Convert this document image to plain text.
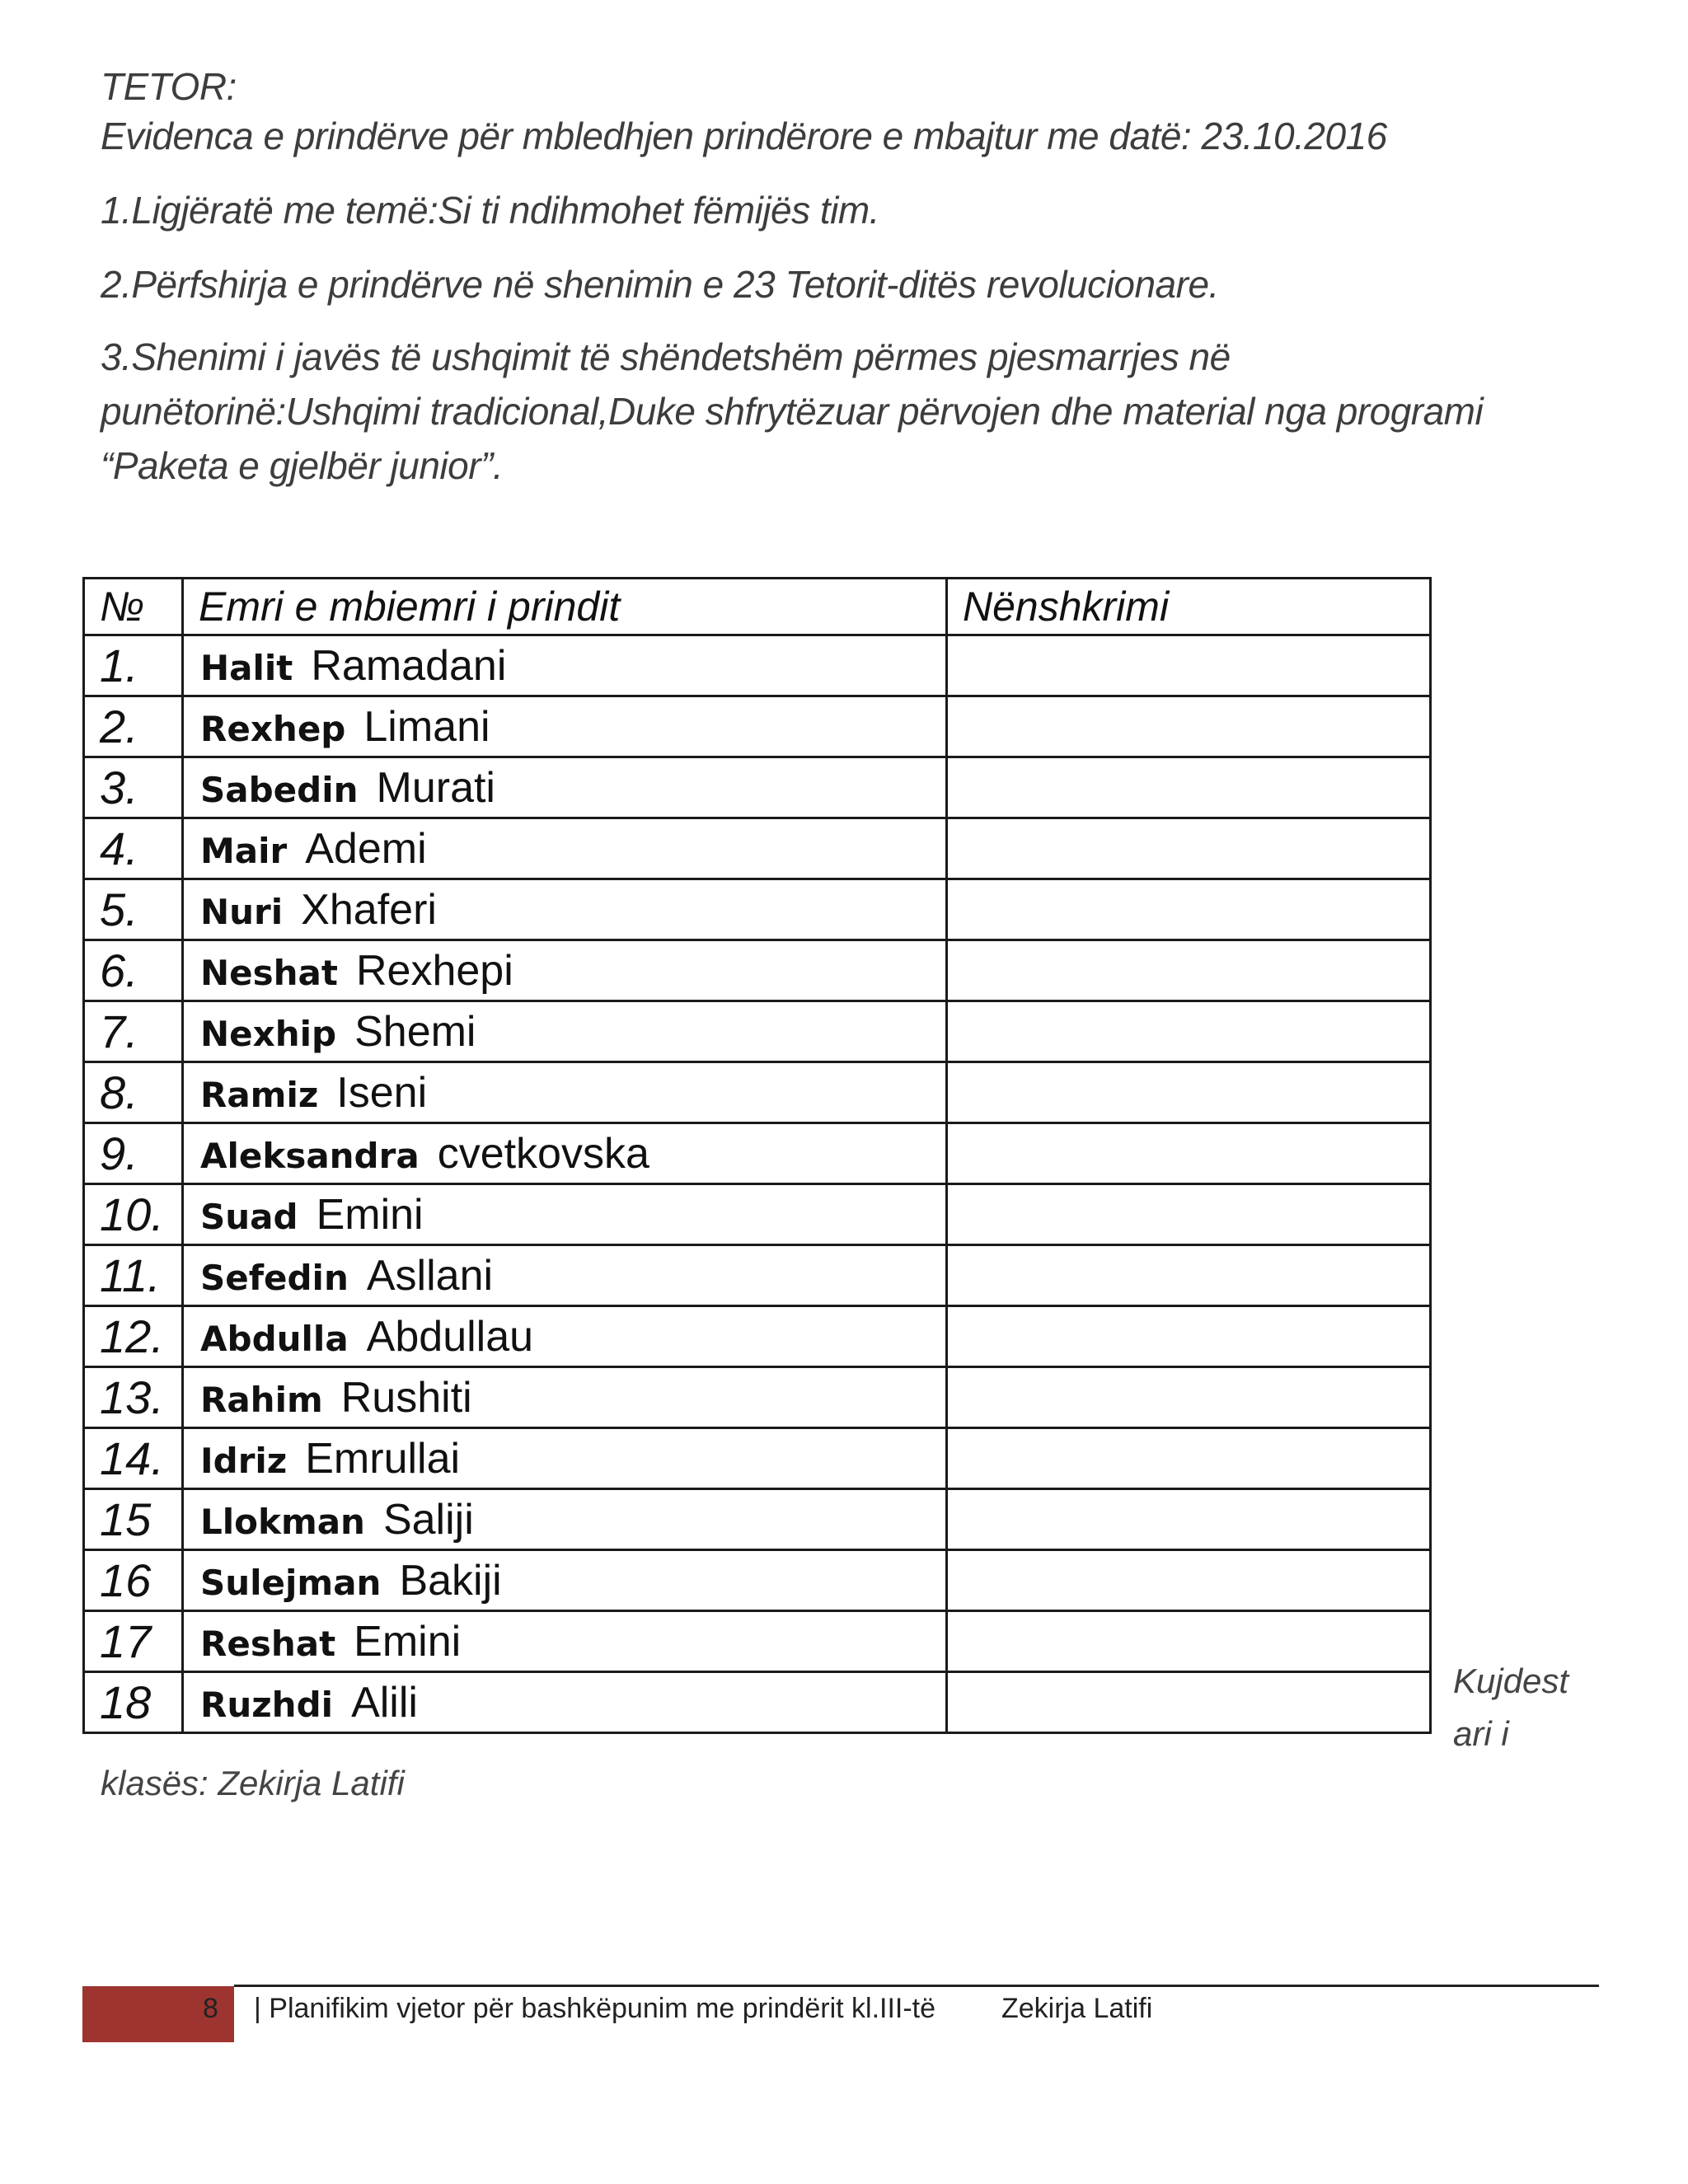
TETOR:

Evidenca e prindërve për mbledhjen prindërore e mbajtur me datë: 23.10.2016

1.Ligjëratë me temë:Si ti ndihmohet fëmijës tim.

2.Përfshirja e prindërve në shenimin e 23 Tetorit-ditës revolucionare.

3.Shenimi i javës të ushqimit të shëndetshëm përmes pjesmarrjes në

punëtorinë:Ushqimi tradicional,Duke shfrytëzuar përvojen dhe material nga programi

“Paketa e gjelbër junior”.

№	Emri e mbiemri i prindit	Nënshkrimi
1.	Halit Ramadani	
2.	Rexhep Limani	
3.	Sabedin Murati	
4.	Mair Ademi	
5.	Nuri Xhaferi	
6.	Neshat Rexhepi	
7.	Nexhip Shemi	
8.	Ramiz Iseni	
9.	Aleksandra cvetkovska	
10.	Suad Emini	
11.	Sefedin Asllani	
12.	Abdulla Abdullau	
13.	Rahim Rushiti	
14.	Idriz Emrullai	
15	Llokman Saliji	
16	Sulejman Bakiji	
17	Reshat Emini	
18	Ruzhdi Alili		Kujdest

ari i

klasës: Zekirja Latifi

8 | Planifikim vjetor për bashkëpunim me prindërit kl.III-të Zekirja Latifi
